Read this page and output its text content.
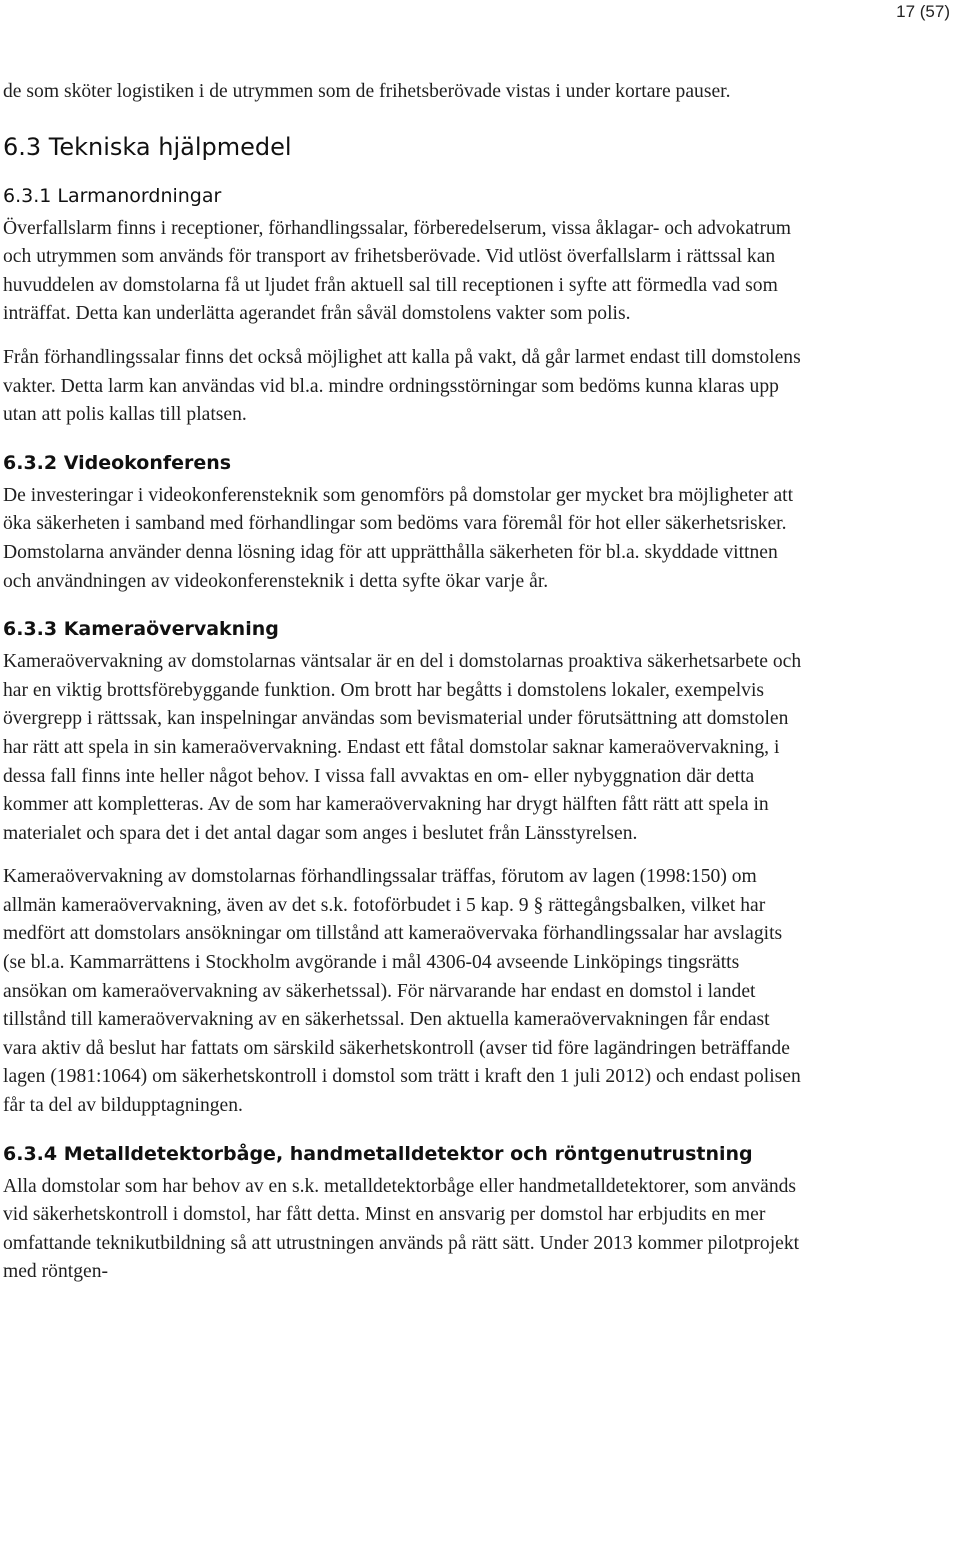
17 (57)

de som sköter logistiken i de utrymmen som de frihetsberövade vistas i under kortare pauser.

6.3 Tekniska hjälpmedel
6.3.1 Larmanordningar

Överfallslarm finns i receptioner, förhandlingssalar, förberedelserum, vissa åklagar- och advokatrum och utrymmen som används för transport av frihetsberövade. Vid utlöst överfallslarm i rättssal kan huvuddelen av domstolarna få ut ljudet från aktuell sal till receptionen i syfte att förmedla vad som inträffat. Detta kan underlätta agerandet från såväl domstolens vakter som polis.

Från förhandlingssalar finns det också möjlighet att kalla på vakt, då går larmet endast till domstolens vakter. Detta larm kan användas vid bl.a. mindre ordningsstörningar som bedöms kunna klaras upp utan att polis kallas till platsen.

6.3.2 Videokonferens

De investeringar i videokonferensteknik som genomförs på domstolar ger mycket bra möjligheter att öka säkerheten i samband med förhandlingar som bedöms vara föremål för hot eller säkerhetsrisker. Domstolarna använder denna lösning idag för att upprätthålla säkerheten för bl.a. skyddade vittnen och användningen av videokonferensteknik i detta syfte ökar varje år.

6.3.3 Kameraövervakning

Kameraövervakning av domstolarnas väntsalar är en del i domstolarnas proaktiva säkerhetsarbete och har en viktig brottsförebyggande funktion. Om brott har begåtts i domstolens lokaler, exempelvis övergrepp i rättssak, kan inspelningar användas som bevismaterial under förutsättning att domstolen har rätt att spela in sin kameraövervakning. Endast ett fåtal domstolar saknar kameraövervakning, i dessa fall finns inte heller något behov. I vissa fall avvaktas en om- eller nybyggnation där detta kommer att kompletteras. Av de som har kameraövervakning har drygt hälften fått rätt att spela in materialet och spara det i det antal dagar som anges i beslutet från Länsstyrelsen.

Kameraövervakning av domstolarnas förhandlingssalar träffas, förutom av lagen (1998:150) om allmän kameraövervakning, även av det s.k. fotoförbudet i 5 kap. 9 § rättegångsbalken, vilket har medfört att domstolars ansökningar om tillstånd att kameraövervaka förhandlingssalar har avslagits (se bl.a. Kammarrättens i Stockholm avgörande i mål 4306-04 avseende Linköpings tingsrätts ansökan om kameraövervakning av säkerhetssal). För närvarande har endast en domstol i landet tillstånd till kameraövervakning av en säkerhetssal. Den aktuella kameraövervakningen får endast vara aktiv då beslut har fattats om särskild säkerhetskontroll (avser tid före lagändringen beträffande lagen (1981:1064) om säkerhetskontroll i domstol som trätt i kraft den 1 juli 2012) och endast polisen får ta del av bildupptagningen.

6.3.4 Metalldetektorbåge, handmetalldetektor och röntgenutrustning

Alla domstolar som har behov av en s.k. metalldetektorbåge eller handmetalldetektorer, som används vid säkerhetskontroll i domstol, har fått detta. Minst en ansvarig per domstol har erbjudits en mer omfattande teknikutbildning så att utrustningen används på rätt sätt. Under 2013 kommer pilotprojekt med röntgen-
